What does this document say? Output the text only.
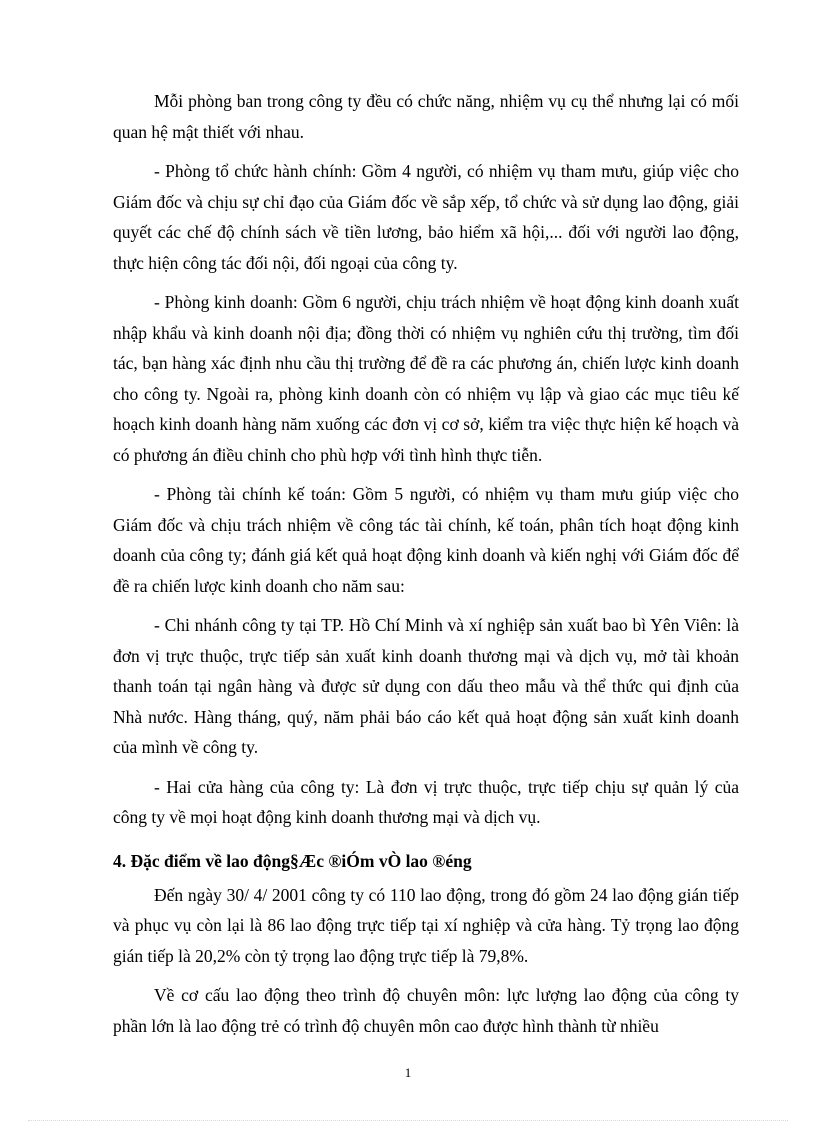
Mỗi phòng ban trong công ty đều có chức năng, nhiệm vụ cụ thể nhưng lại có mối quan hệ mật thiết với nhau.

- Phòng tổ chức hành chính: Gồm 4 người, có nhiệm vụ tham mưu, giúp việc cho Giám đốc và chịu sự chỉ đạo của Giám đốc về sắp xếp, tổ chức và sử dụng lao động, giải quyết các chế độ chính sách về tiền lương, bảo hiểm xã hội,... đối với người lao động, thực hiện công tác đối nội, đối ngoại của công ty.

- Phòng kinh doanh: Gồm 6 người, chịu trách nhiệm về hoạt động kinh doanh xuất nhập khẩu và kinh doanh nội địa; đồng thời có nhiệm vụ nghiên cứu thị trường, tìm đối tác, bạn hàng xác định nhu cầu thị trường để đề ra các phương án, chiến lược kinh doanh cho công ty. Ngoài ra, phòng kinh doanh còn có nhiệm vụ lập và giao các mục tiêu kế hoạch kinh doanh hàng năm xuống các đơn vị cơ sở, kiểm tra việc thực hiện kế hoạch và có phương án điều chỉnh cho phù hợp với tình hình thực tiễn.

- Phòng tài chính kế toán: Gồm 5 người, có nhiệm vụ tham mưu giúp việc cho Giám đốc và chịu trách nhiệm về công tác tài chính, kế toán, phân tích hoạt động kinh doanh của công ty; đánh giá kết quả hoạt động kinh doanh và kiến nghị với Giám đốc để đề ra chiến lược kinh doanh cho năm sau:

- Chi nhánh công ty tại TP. Hồ Chí Minh và xí nghiệp sản xuất bao bì Yên Viên: là đơn vị trực thuộc, trực tiếp sản xuất kinh doanh thương mại và dịch vụ, mở tài khoản thanh toán tại ngân hàng và được sử dụng con dấu theo mẫu và thể thức qui định của Nhà nước. Hàng tháng, quý, năm phải báo cáo kết quả hoạt động sản xuất kinh doanh của mình về công ty.

- Hai cửa hàng của công ty: Là đơn vị trực thuộc, trực tiếp chịu sự quản lý của công ty về mọi hoạt động kinh doanh thương mại và dịch vụ.

4. Đặc điểm về lao động§Æc ®iÓm vÒ lao ®éng

Đến ngày 30/ 4/ 2001 công ty có 110 lao động, trong đó gồm 24 lao động gián tiếp và phục vụ còn lại là 86 lao động trực tiếp tại xí nghiệp và cửa hàng. Tỷ trọng lao động gián tiếp là 20,2% còn tỷ trọng lao động trực tiếp là 79,8%.

Về cơ cấu lao động theo trình độ chuyên môn: lực lượng lao động của công ty phần lớn là lao động trẻ có trình độ chuyên môn cao được hình thành từ nhiều

1
